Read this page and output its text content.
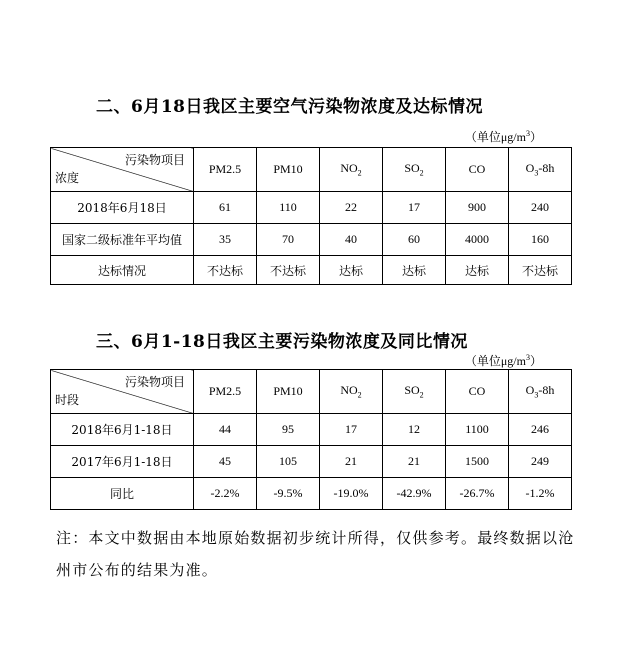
二、6月18日我区主要空气污染物浓度及达标情况
（单位$\mu g/m^3$）
污染物项目
浓度	PM2.5	PM10	$NO_2$	$SO_2$	CO	$O_3-8h$
2018年6月18日	61	110	22	17	900	240
国家二级标准年平均值	35	70	40	60	4000	160
达标情况	不达标	不达标	达标	达标	达标	不达标
三、6月1-18日我区主要污染物浓度及同比情况
（单位$\mu g/m^3$）
污染物项目
时段	PM2.5	PM10	$NO_2$	$SO_2$	CO	$O_3-8h$
2018年6月1-18日	44	95	17	12	1100	246
2017年6月1-18日	45	105	21	21	1500	249
同比	-2.2%	-9.5%	-19.0%	-42.9%	-26.7%	-1.2%
注：本文中数据由本地原始数据初步统计所得，仅供参考。最终数据以沧州市公布的结果为准。
